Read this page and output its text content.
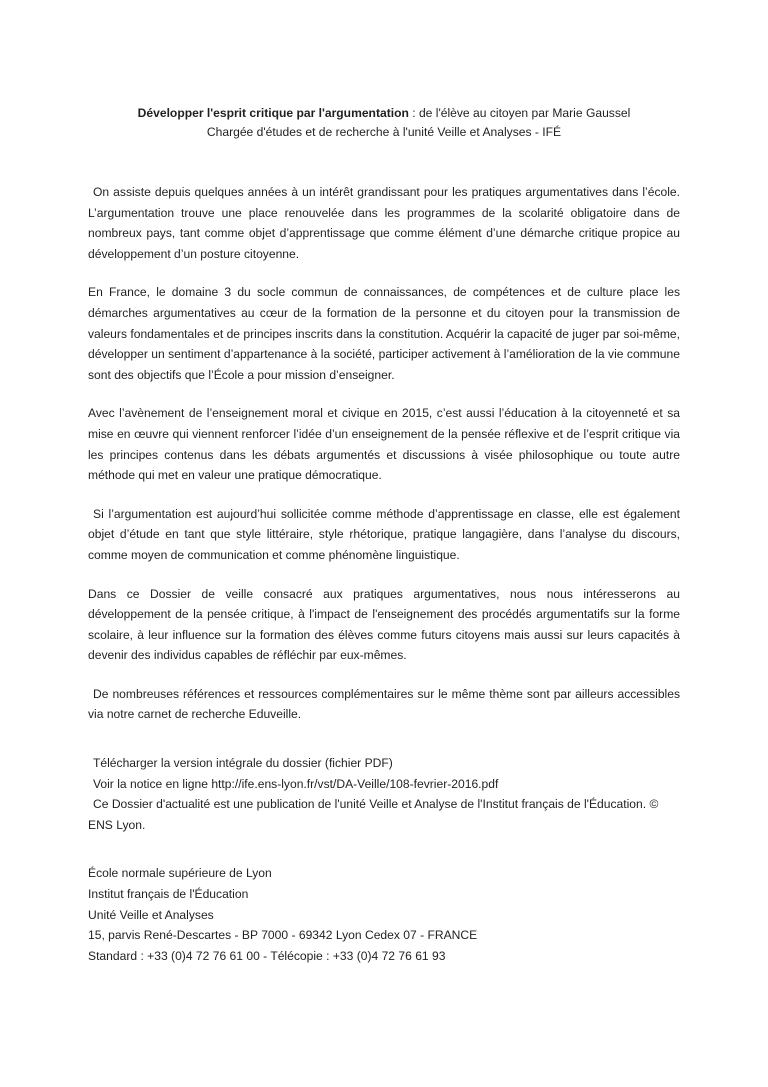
Développer l'esprit critique par l'argumentation : de l'élève au citoyen par Marie Gaussel
Chargée d'études et de recherche à l'unité Veille et Analyses - IFÉ

On assiste depuis quelques années à un intérêt grandissant pour les pratiques argumentatives dans l’école. L’argumentation trouve une place renouvelée dans les programmes de la scolarité obligatoire dans de nombreux pays, tant comme objet d’apprentissage que comme élément d’une démarche critique propice au développement d’un posture citoyenne.

En France, le domaine 3 du socle commun de connaissances, de compétences et de culture place les démarches argumentatives au cœur de la formation de la personne et du citoyen pour la transmission de valeurs fondamentales et de principes inscrits dans la constitution. Acquérir la capacité de juger par soi-même, développer un sentiment d’appartenance à la société, participer activement à l’amélioration de la vie commune sont des objectifs que l’École a pour mission d’enseigner.

Avec l’avènement de l’enseignement moral et civique en 2015, c’est aussi l’éducation à la citoyenneté et sa mise en œuvre qui viennent renforcer l’idée d’un enseignement de la pensée réflexive et de l’esprit critique via les principes contenus dans les débats argumentés et discussions à visée philosophique ou toute autre méthode qui met en valeur une pratique démocratique.

Si l’argumentation est aujourd’hui sollicitée comme méthode d’apprentissage en classe, elle est également objet d’étude en tant que style littéraire, style rhétorique, pratique langagière, dans l’analyse du discours, comme moyen de communication et comme phénomène linguistique.

Dans ce Dossier de veille consacré aux pratiques argumentatives, nous nous intéresserons au développement de la pensée critique, à l'impact de l'enseignement des procédés argumentatifs sur la forme scolaire, à leur influence sur la formation des élèves comme futurs citoyens mais aussi sur leurs capacités à devenir des individus capables de réfléchir par eux-mêmes.

De nombreuses références et ressources complémentaires sur le même thème sont par ailleurs accessibles via notre carnet de recherche Eduveille.

Télécharger la version intégrale du dossier (fichier PDF)
Voir la notice en ligne http://ife.ens-lyon.fr/vst/DA-Veille/108-fevrier-2016.pdf
Ce Dossier d'actualité est une publication de l'unité Veille et Analyse de l'Institut français de l'Éducation. © ENS Lyon.
École normale supérieure de Lyon
Institut français de l'Éducation
Unité Veille et Analyses
15, parvis René-Descartes - BP 7000 - 69342 Lyon Cedex 07 - FRANCE
Standard : +33 (0)4 72 76 61 00 - Télécopie : +33 (0)4 72 76 61 93
